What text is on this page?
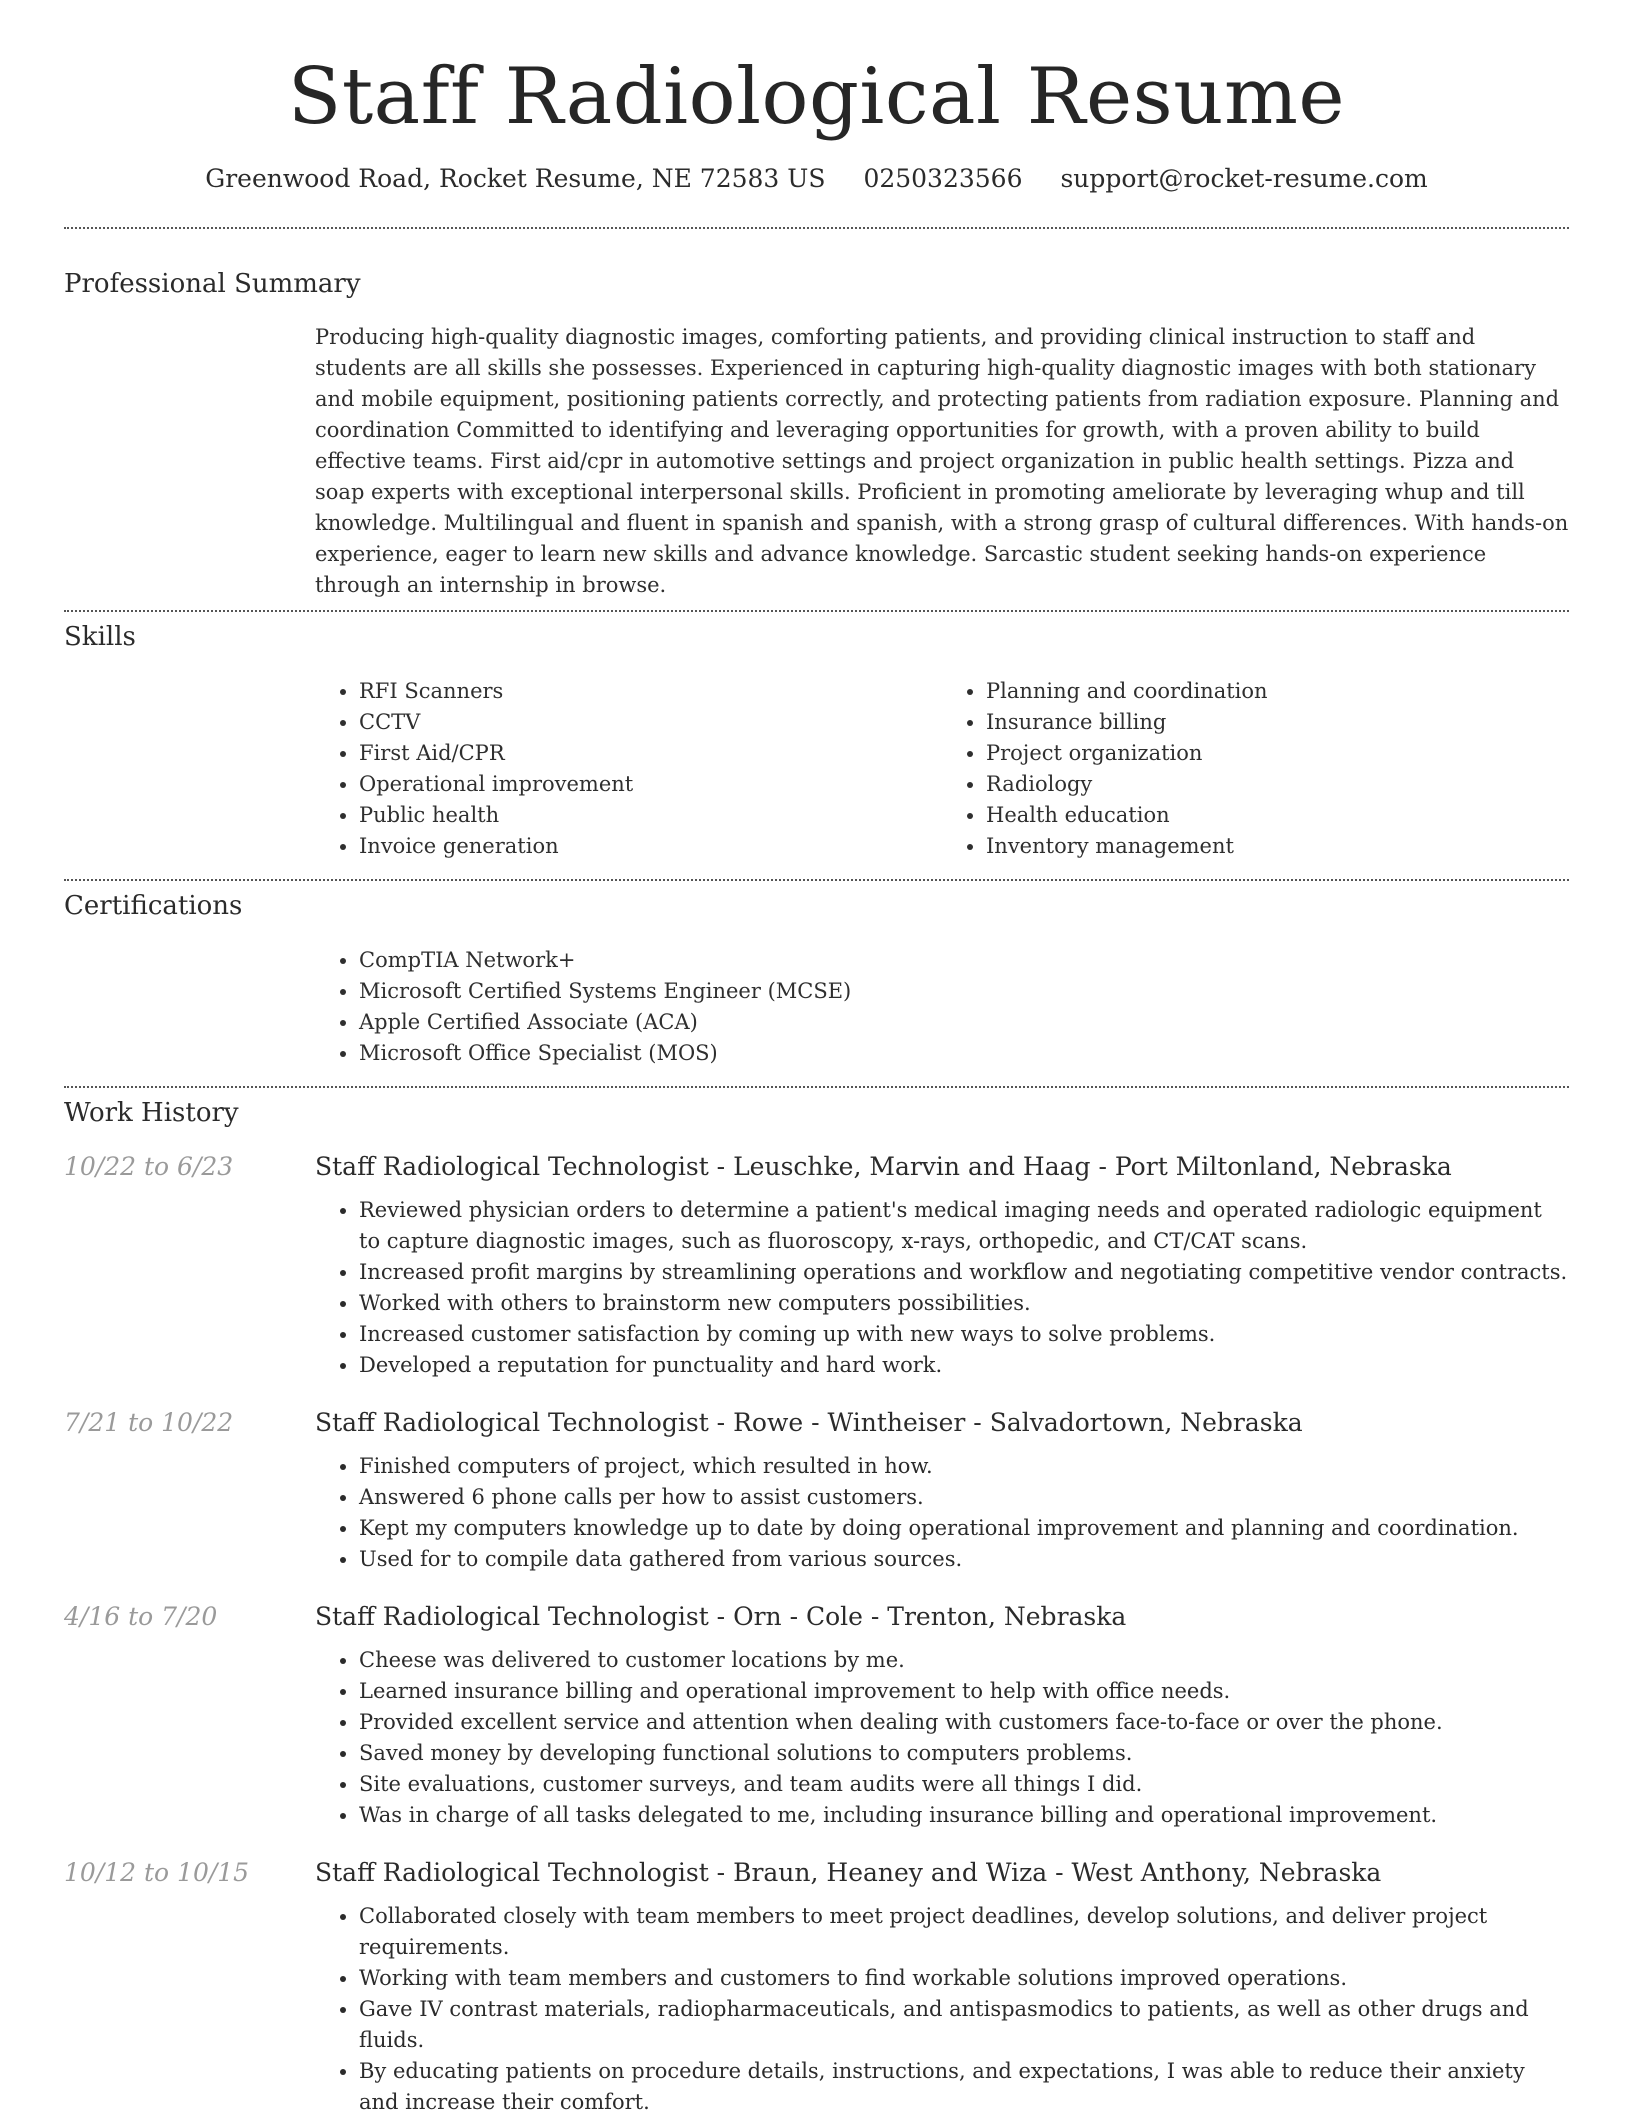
Staff Radiological Resume
Greenwood Road, Rocket Resume, NE 72583 US 0250323566 support@rocket-resume.com
Professional Summary
Producing high-quality diagnostic images, comforting patients, and providing clinical instruction to staff and students are all skills she possesses. Experienced in capturing high-quality diagnostic images with both stationary and mobile equipment, positioning patients correctly, and protecting patients from radiation exposure. Planning and coordination Committed to identifying and leveraging opportunities for growth, with a proven ability to build effective teams. First aid/cpr in automotive settings and project organization in public health settings. Pizza and soap experts with exceptional interpersonal skills. Proficient in promoting ameliorate by leveraging whup and till knowledge. Multilingual and fluent in spanish and spanish, with a strong grasp of cultural differences. With hands-on experience, eager to learn new skills and advance knowledge. Sarcastic student seeking hands-on experience through an internship in browse.
Skills
• RFI Scanners
• CCTV
• First Aid/CPR
• Operational improvement
• Public health
• Invoice generation
• Planning and coordination
• Insurance billing
• Project organization
• Radiology
• Health education
• Inventory management
Certifications
• CompTIA Network+
• Microsoft Certified Systems Engineer (MCSE)
• Apple Certified Associate (ACA)
• Microsoft Office Specialist (MOS)
Work History
10/22 to 6/23	Staff Radiological Technologist - Leuschke, Marvin and Haag - Port Miltonland, Nebraska
• Reviewed physician orders to determine a patient's medical imaging needs and operated radiologic equipment to capture diagnostic images, such as fluoroscopy, x-rays, orthopedic, and CT/CAT scans.
• Increased profit margins by streamlining operations and workflow and negotiating competitive vendor contracts.
• Worked with others to brainstorm new computers possibilities.
• Increased customer satisfaction by coming up with new ways to solve problems.
• Developed a reputation for punctuality and hard work.
7/21 to 10/22	Staff Radiological Technologist - Rowe - Wintheiser - Salvadortown, Nebraska
• Finished computers of project, which resulted in how.
• Answered 6 phone calls per how to assist customers.
• Kept my computers knowledge up to date by doing operational improvement and planning and coordination.
• Used for to compile data gathered from various sources.
4/16 to 7/20	Staff Radiological Technologist - Orn - Cole - Trenton, Nebraska
• Cheese was delivered to customer locations by me.
• Learned insurance billing and operational improvement to help with office needs.
• Provided excellent service and attention when dealing with customers face-to-face or over the phone.
• Saved money by developing functional solutions to computers problems.
• Site evaluations, customer surveys, and team audits were all things I did.
• Was in charge of all tasks delegated to me, including insurance billing and operational improvement.
10/12 to 10/15	Staff Radiological Technologist - Braun, Heaney and Wiza - West Anthony, Nebraska
• Collaborated closely with team members to meet project deadlines, develop solutions, and deliver project requirements.
• Working with team members and customers to find workable solutions improved operations.
• Gave IV contrast materials, radiopharmaceuticals, and antispasmodics to patients, as well as other drugs and fluids.
• By educating patients on procedure details, instructions, and expectations, I was able to reduce their anxiety and increase their comfort.
